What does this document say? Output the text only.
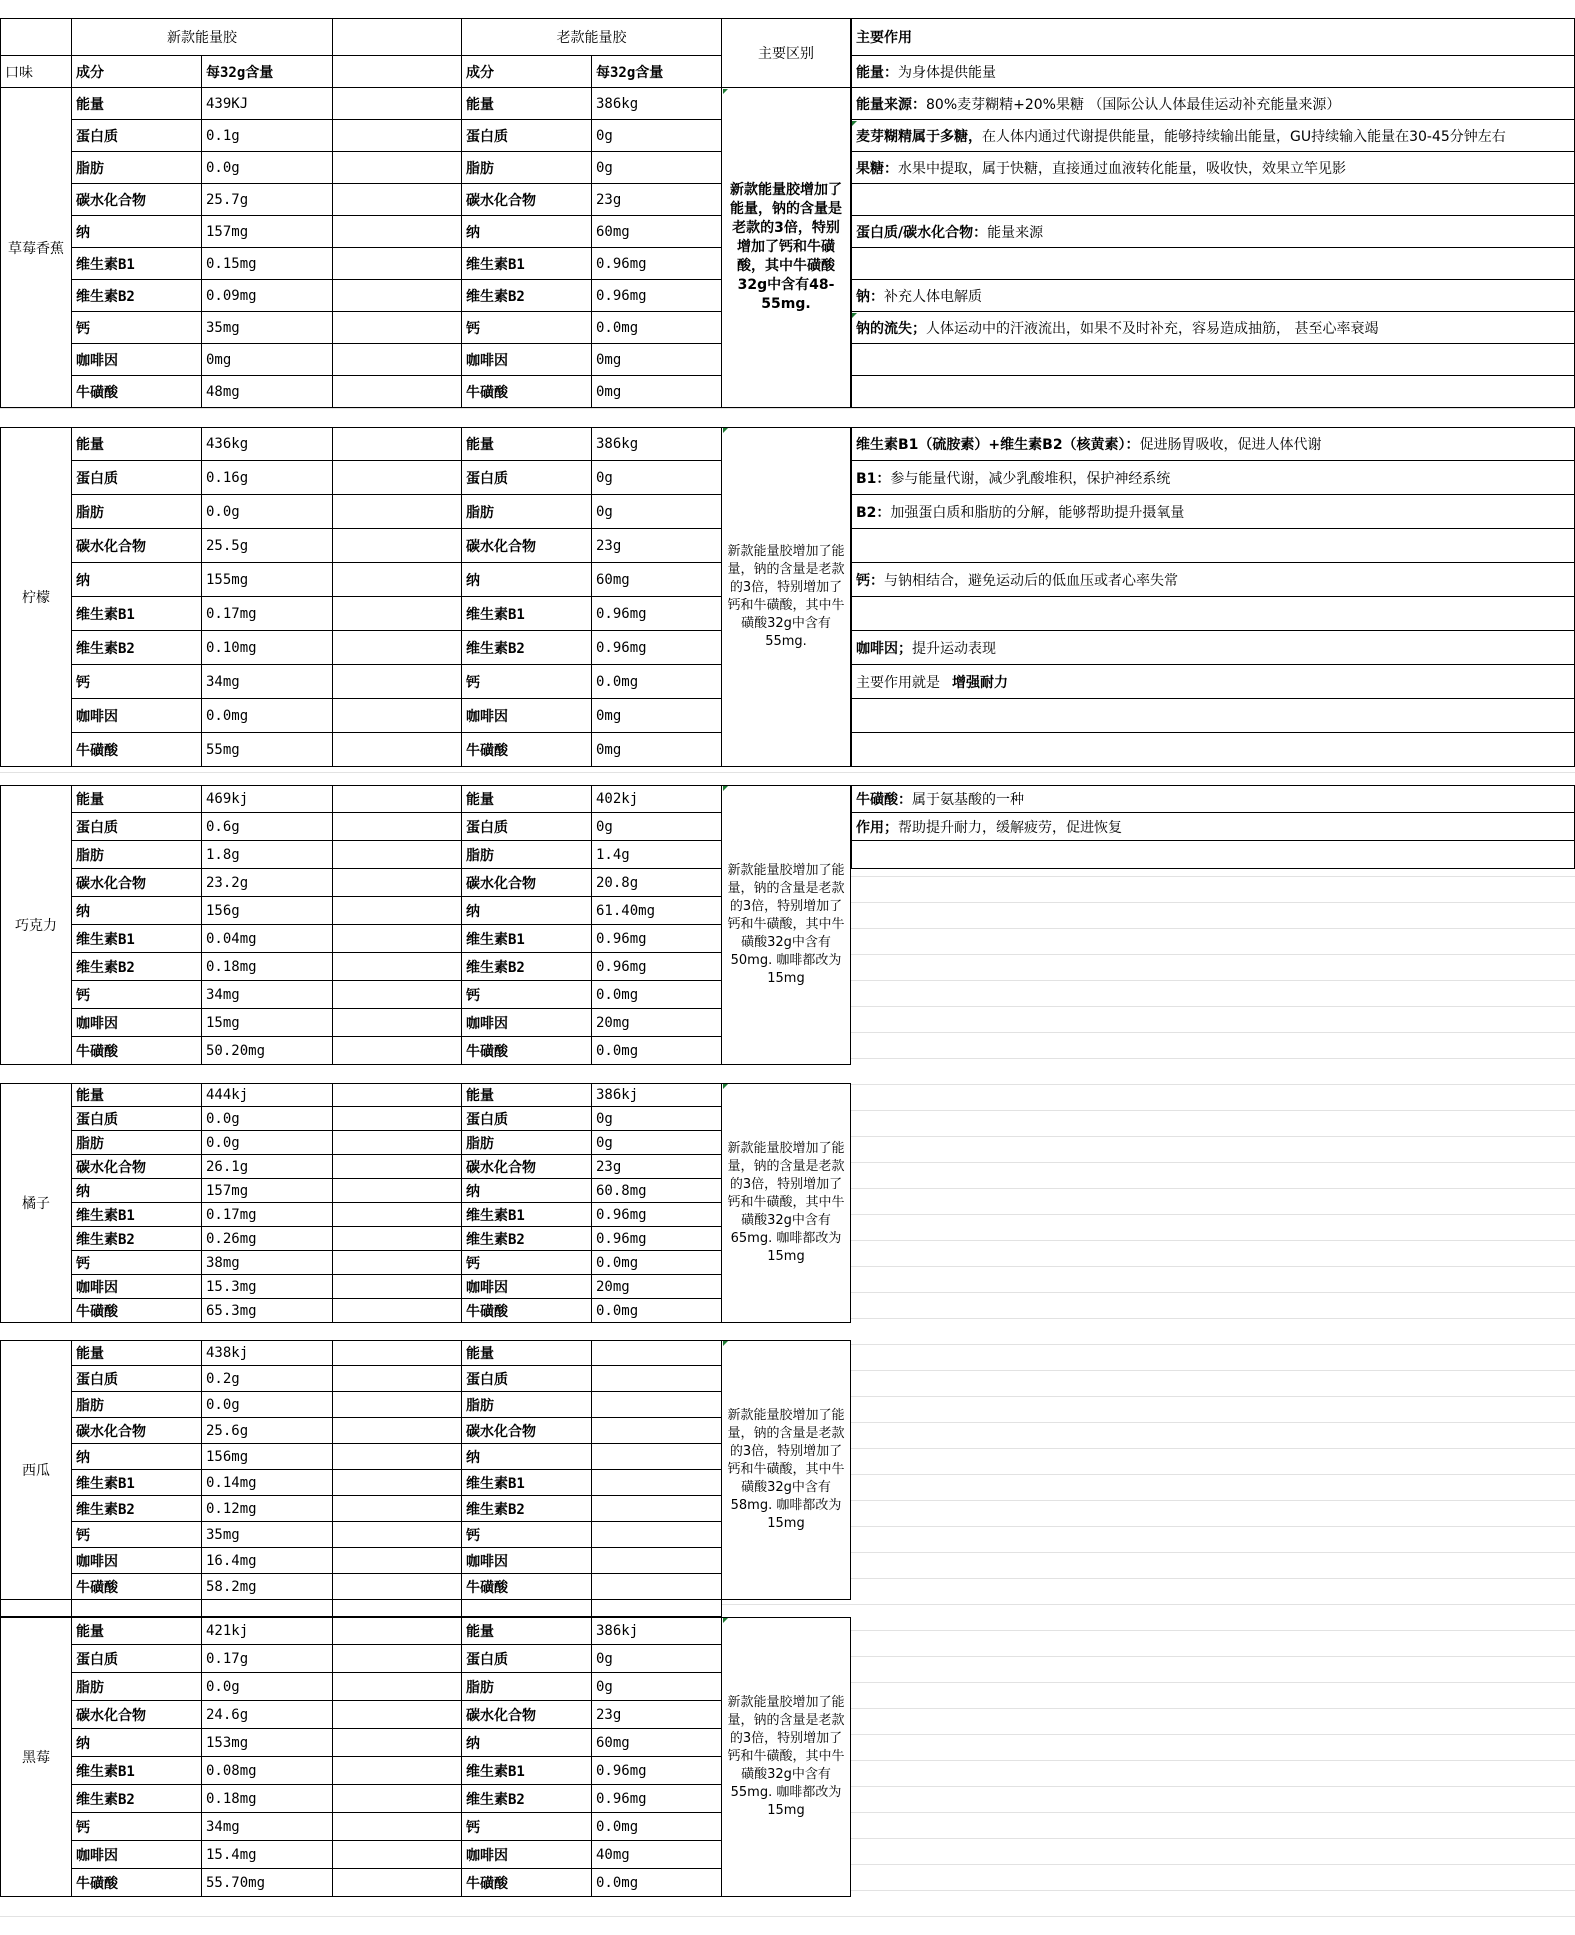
新款能量胶	老款能量胶
主要区别
口味	成分	每32g含量	成分	每32g含量
草莓香蕉
能量	439KJ	能量	386kg
蛋白质	0.1g	蛋白质	0g
脂肪	0.0g	脂肪	0g
碳水化合物	25.7g	碳水化合物	23g
纳	157mg	纳	60mg
维生素B1	0.15mg	维生素B1	0.96mg
维生素B2	0.09mg	维生素B2	0.96mg
钙	35mg	钙	0.0mg
咖啡因	0mg	咖啡因	0mg
牛磺酸	48mg	牛磺酸	0mg
新款能量胶增加了能量，钠的含量是老款的3倍，特别增加了钙和牛磺酸，其中牛磺酸32g中含有48-55mg.
柠檬
能量	436kg	能量	386kg
蛋白质	0.16g	蛋白质	0g
脂肪	0.0g	脂肪	0g
碳水化合物	25.5g	碳水化合物	23g
纳	155mg	纳	60mg
维生素B1	0.17mg	维生素B1	0.96mg
维生素B2	0.10mg	维生素B2	0.96mg
钙	34mg	钙	0.0mg
咖啡因	0.0mg	咖啡因	0mg
牛磺酸	55mg	牛磺酸	0mg
新款能量胶增加了能量，钠的含量是老款的3倍，特别增加了钙和牛磺酸，其中牛磺酸32g中含有55mg.
巧克力
能量	469kj	能量	402kj
蛋白质	0.6g	蛋白质	0g
脂肪	1.8g	脂肪	1.4g
碳水化合物	23.2g	碳水化合物	20.8g
纳	156g	纳	61.40mg
维生素B1	0.04mg	维生素B1	0.96mg
维生素B2	0.18mg	维生素B2	0.96mg
钙	34mg	钙	0.0mg
咖啡因	15mg	咖啡因	20mg
牛磺酸	50.20mg	牛磺酸	0.0mg
新款能量胶增加了能量，钠的含量是老款的3倍，特别增加了钙和牛磺酸，其中牛磺酸32g中含有50mg. 咖啡都改为15mg
橘子
能量	444kj	能量	386kj
蛋白质	0.0g	蛋白质	0g
脂肪	0.0g	脂肪	0g
碳水化合物	26.1g	碳水化合物	23g
纳	157mg	纳	60.8mg
维生素B1	0.17mg	维生素B1	0.96mg
维生素B2	0.26mg	维生素B2	0.96mg
钙	38mg	钙	0.0mg
咖啡因	15.3mg	咖啡因	20mg
牛磺酸	65.3mg	牛磺酸	0.0mg
新款能量胶增加了能量，钠的含量是老款的3倍，特别增加了钙和牛磺酸，其中牛磺酸32g中含有65mg. 咖啡都改为15mg
西瓜
能量	438kj	能量
蛋白质	0.2g	蛋白质
脂肪	0.0g	脂肪
碳水化合物	25.6g	碳水化合物
纳	156mg	纳
维生素B1	0.14mg	维生素B1
维生素B2	0.12mg	维生素B2
钙	35mg	钙
咖啡因	16.4mg	咖啡因
牛磺酸	58.2mg	牛磺酸
新款能量胶增加了能量，钠的含量是老款的3倍，特别增加了钙和牛磺酸，其中牛磺酸32g中含有58mg. 咖啡都改为15mg
黑莓
能量	421kj	能量	386kj
蛋白质	0.17g	蛋白质	0g
脂肪	0.0g	脂肪	0g
碳水化合物	24.6g	碳水化合物	23g
纳	153mg	纳	60mg
维生素B1	0.08mg	维生素B1	0.96mg
维生素B2	0.18mg	维生素B2	0.96mg
钙	34mg	钙	0.0mg
咖啡因	15.4mg	咖啡因	40mg
牛磺酸	55.70mg	牛磺酸	0.0mg
新款能量胶增加了能量，钠的含量是老款的3倍，特别增加了钙和牛磺酸，其中牛磺酸32g中含有55mg. 咖啡都改为15mg
主要作用
能量： 为身体提供能量
能量来源： 80%麦芽糊精+20%果糖 （国际公认人体最佳运动补充能量来源）
麦芽糊精属于多糖， 在人体内通过代谢提供能量，能够持续输出能量，GU持续输入能量在30-45分钟左右
果糖： 水果中提取，属于快糖，直接通过血液转化能量，吸收快，效果立竿见影
蛋白质/碳水化合物： 能量来源
钠： 补充人体电解质
钠的流失； 人体运动中的汗液流出，如果不及时补充，容易造成抽筋， 甚至心率衰竭
维生素B1（硫胺素）+维生素B2（核黄素）： 促进肠胃吸收，促进人体代谢
B1： 参与能量代谢，减少乳酸堆积，保护神经系统
B2： 加强蛋白质和脂肪的分解，能够帮助提升摄氧量
钙： 与钠相结合，避免运动后的低血压或者心率失常
咖啡因； 提升运动表现
主要作用就是 增强耐力
牛磺酸： 属于氨基酸的一种
作用； 帮助提升耐力，缓解疲劳，促进恢复
